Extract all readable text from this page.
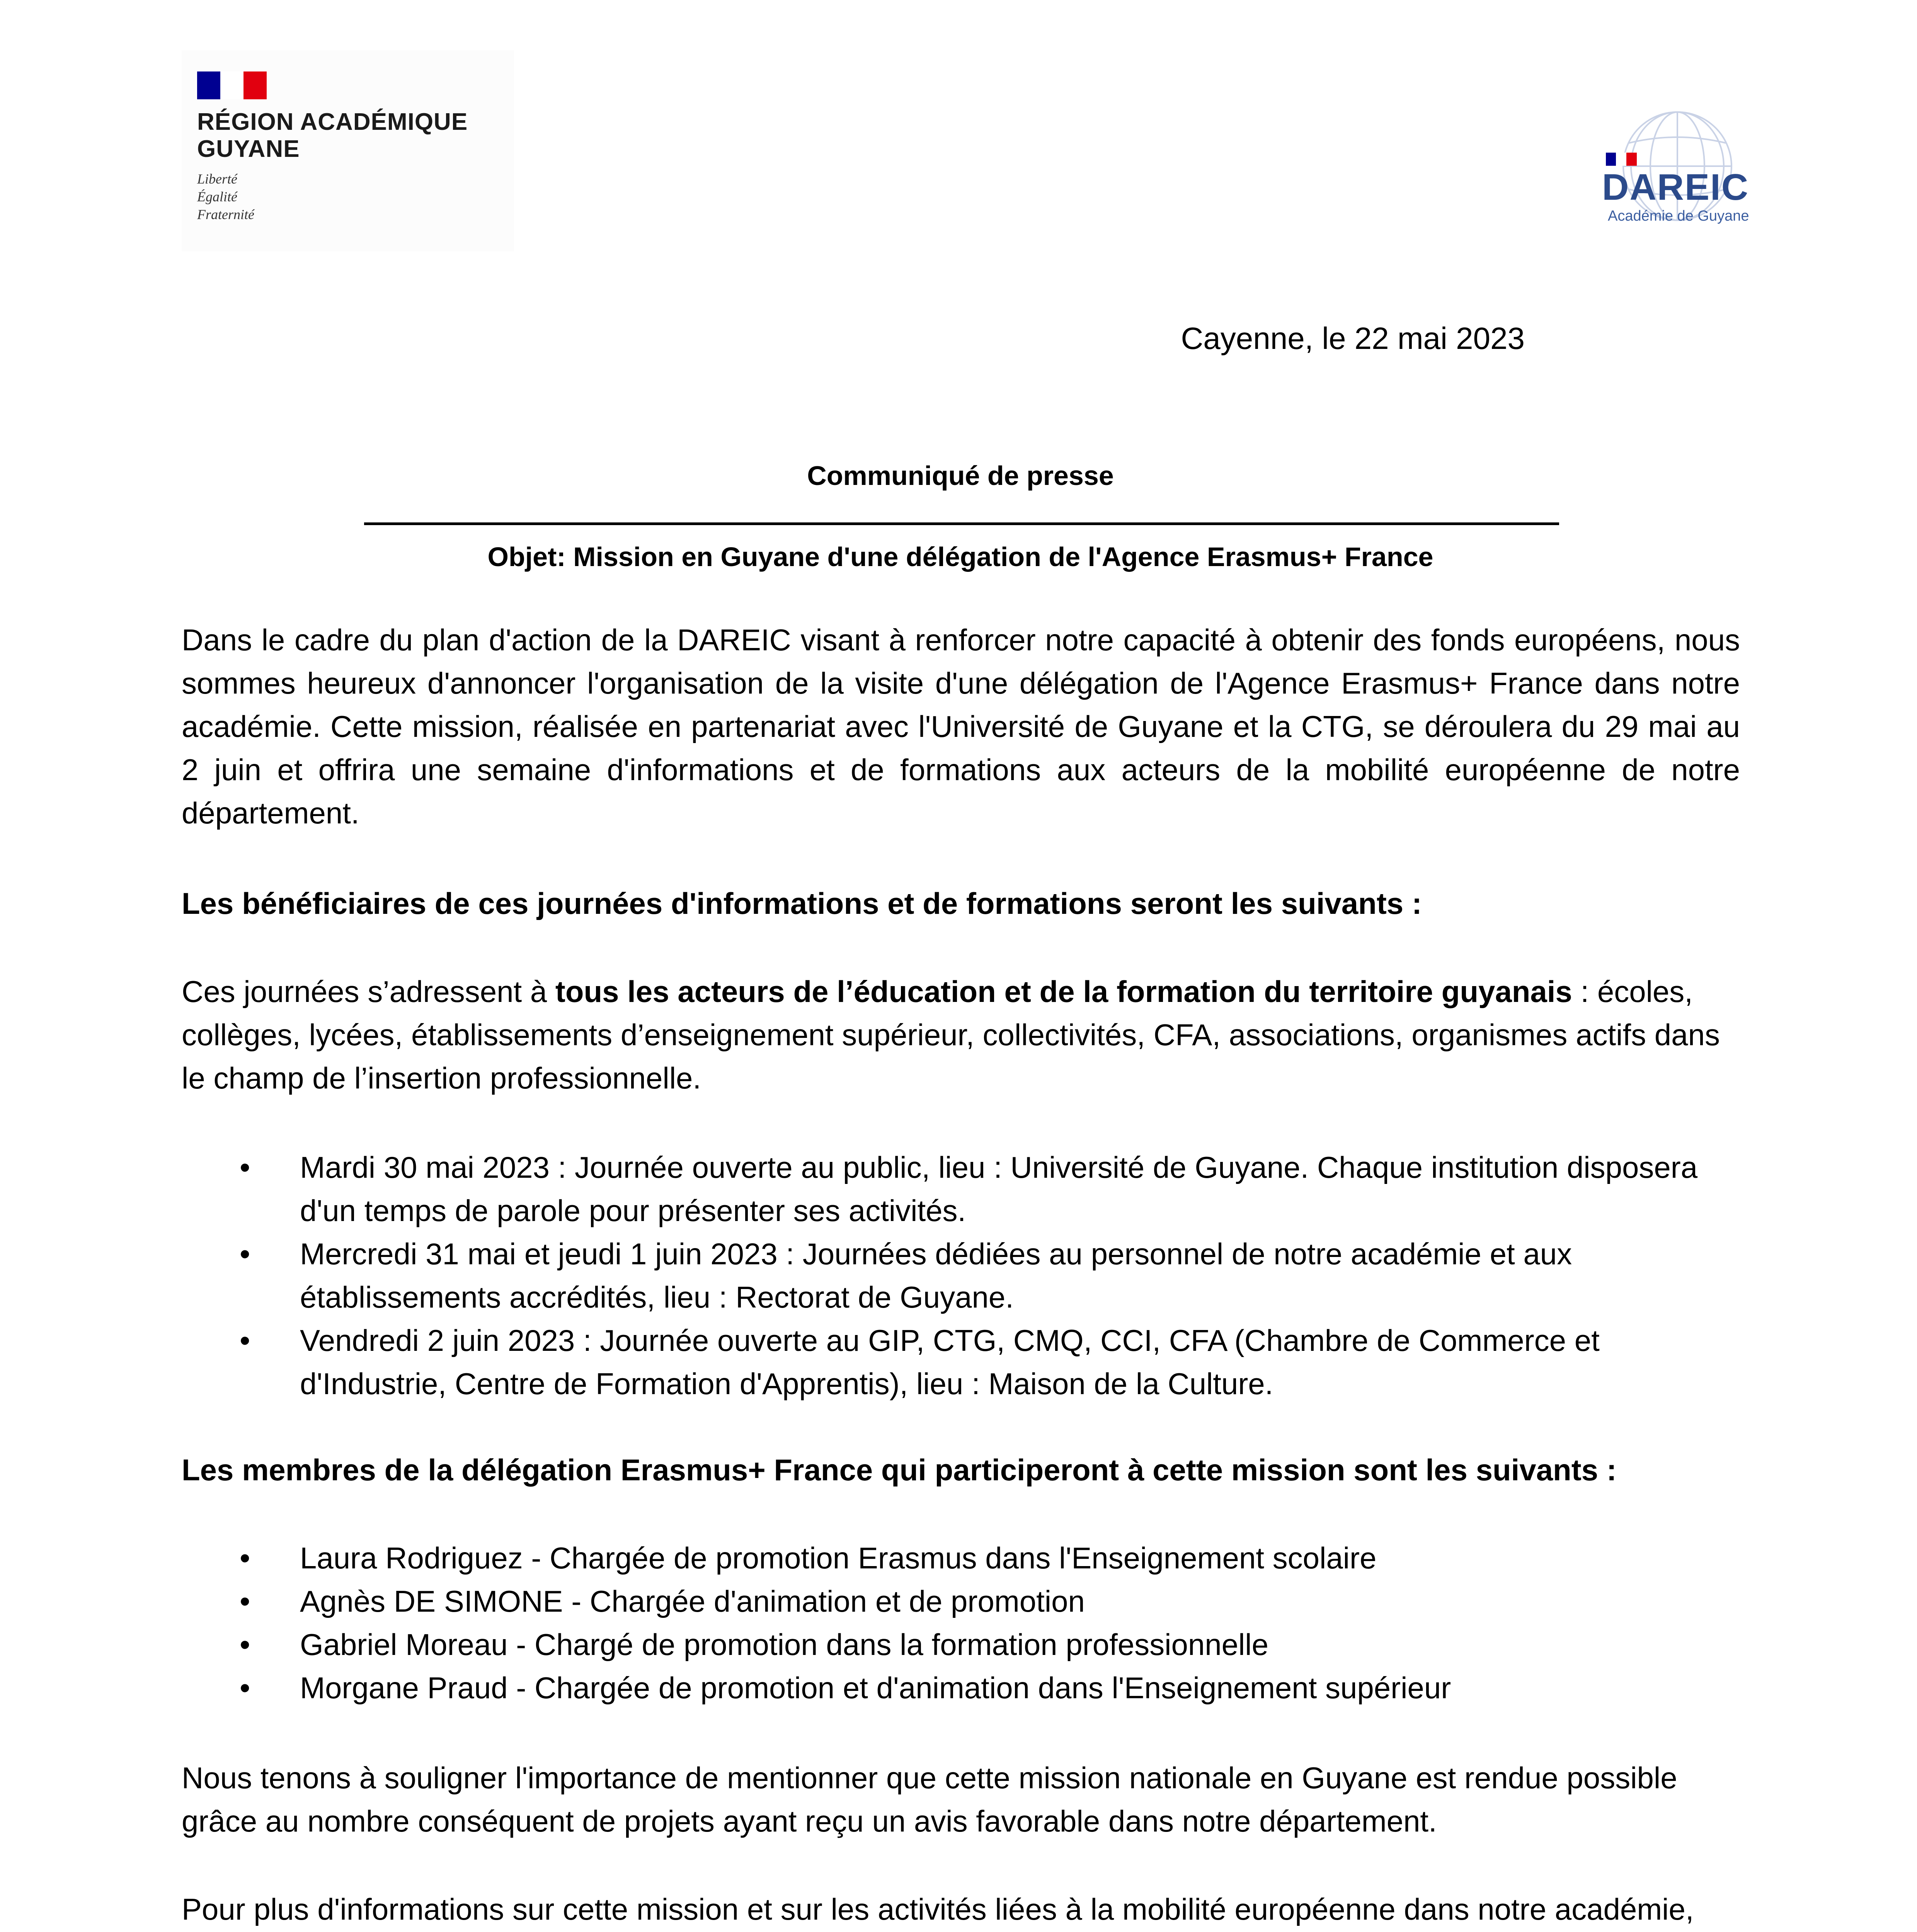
RÉGION ACADÉMIQUE
GUYANE
Liberté
Égalité
Fraternité
DAREIC
Académie de Guyane
Cayenne, le 22 mai 2023
Communiqué de presse
Objet: Mission en Guyane d'une délégation de l'Agence Erasmus+ France
Dans le cadre du plan d'action de la DAREIC visant à renforcer notre capacité à obtenir des fonds européens, nous sommes heureux d'annoncer l'organisation de la visite d'une délégation de l'Agence Erasmus+ France dans notre académie. Cette mission, réalisée en partenariat avec l'Université de Guyane et la CTG, se déroulera du 29 mai au 2 juin et offrira une semaine d'informations et de formations aux acteurs de la mobilité européenne de notre département.
Les bénéficiaires de ces journées d'informations et de formations seront les suivants :
Ces journées s’adressent à tous les acteurs de l’éducation et de la formation du territoire guyanais : écoles, collèges, lycées, établissements d’enseignement supérieur, collectivités, CFA, associations, organismes actifs dans le champ de l’insertion professionnelle.
• Mardi 30 mai 2023 : Journée ouverte au public, lieu : Université de Guyane. Chaque institution disposera d'un temps de parole pour présenter ses activités.
• Mercredi 31 mai et jeudi 1 juin 2023 : Journées dédiées au personnel de notre académie et aux établissements accrédités, lieu : Rectorat de Guyane.
• Vendredi 2 juin 2023 : Journée ouverte au GIP, CTG, CMQ, CCI, CFA (Chambre de Commerce et d'Industrie, Centre de Formation d'Apprentis), lieu : Maison de la Culture.
Les membres de la délégation Erasmus+ France qui participeront à cette mission sont les suivants :
• Laura Rodriguez - Chargée de promotion Erasmus dans l'Enseignement scolaire
• Agnès DE SIMONE - Chargée d'animation et de promotion
• Gabriel Moreau - Chargé de promotion dans la formation professionnelle
• Morgane Praud - Chargée de promotion et d'animation dans l'Enseignement supérieur
Nous tenons à souligner l'importance de mentionner que cette mission nationale en Guyane est rendue possible grâce au nombre conséquent de projets ayant reçu un avis favorable dans notre département.
Pour plus d'informations sur cette mission et sur les activités liées à la mobilité européenne dans notre académie,
